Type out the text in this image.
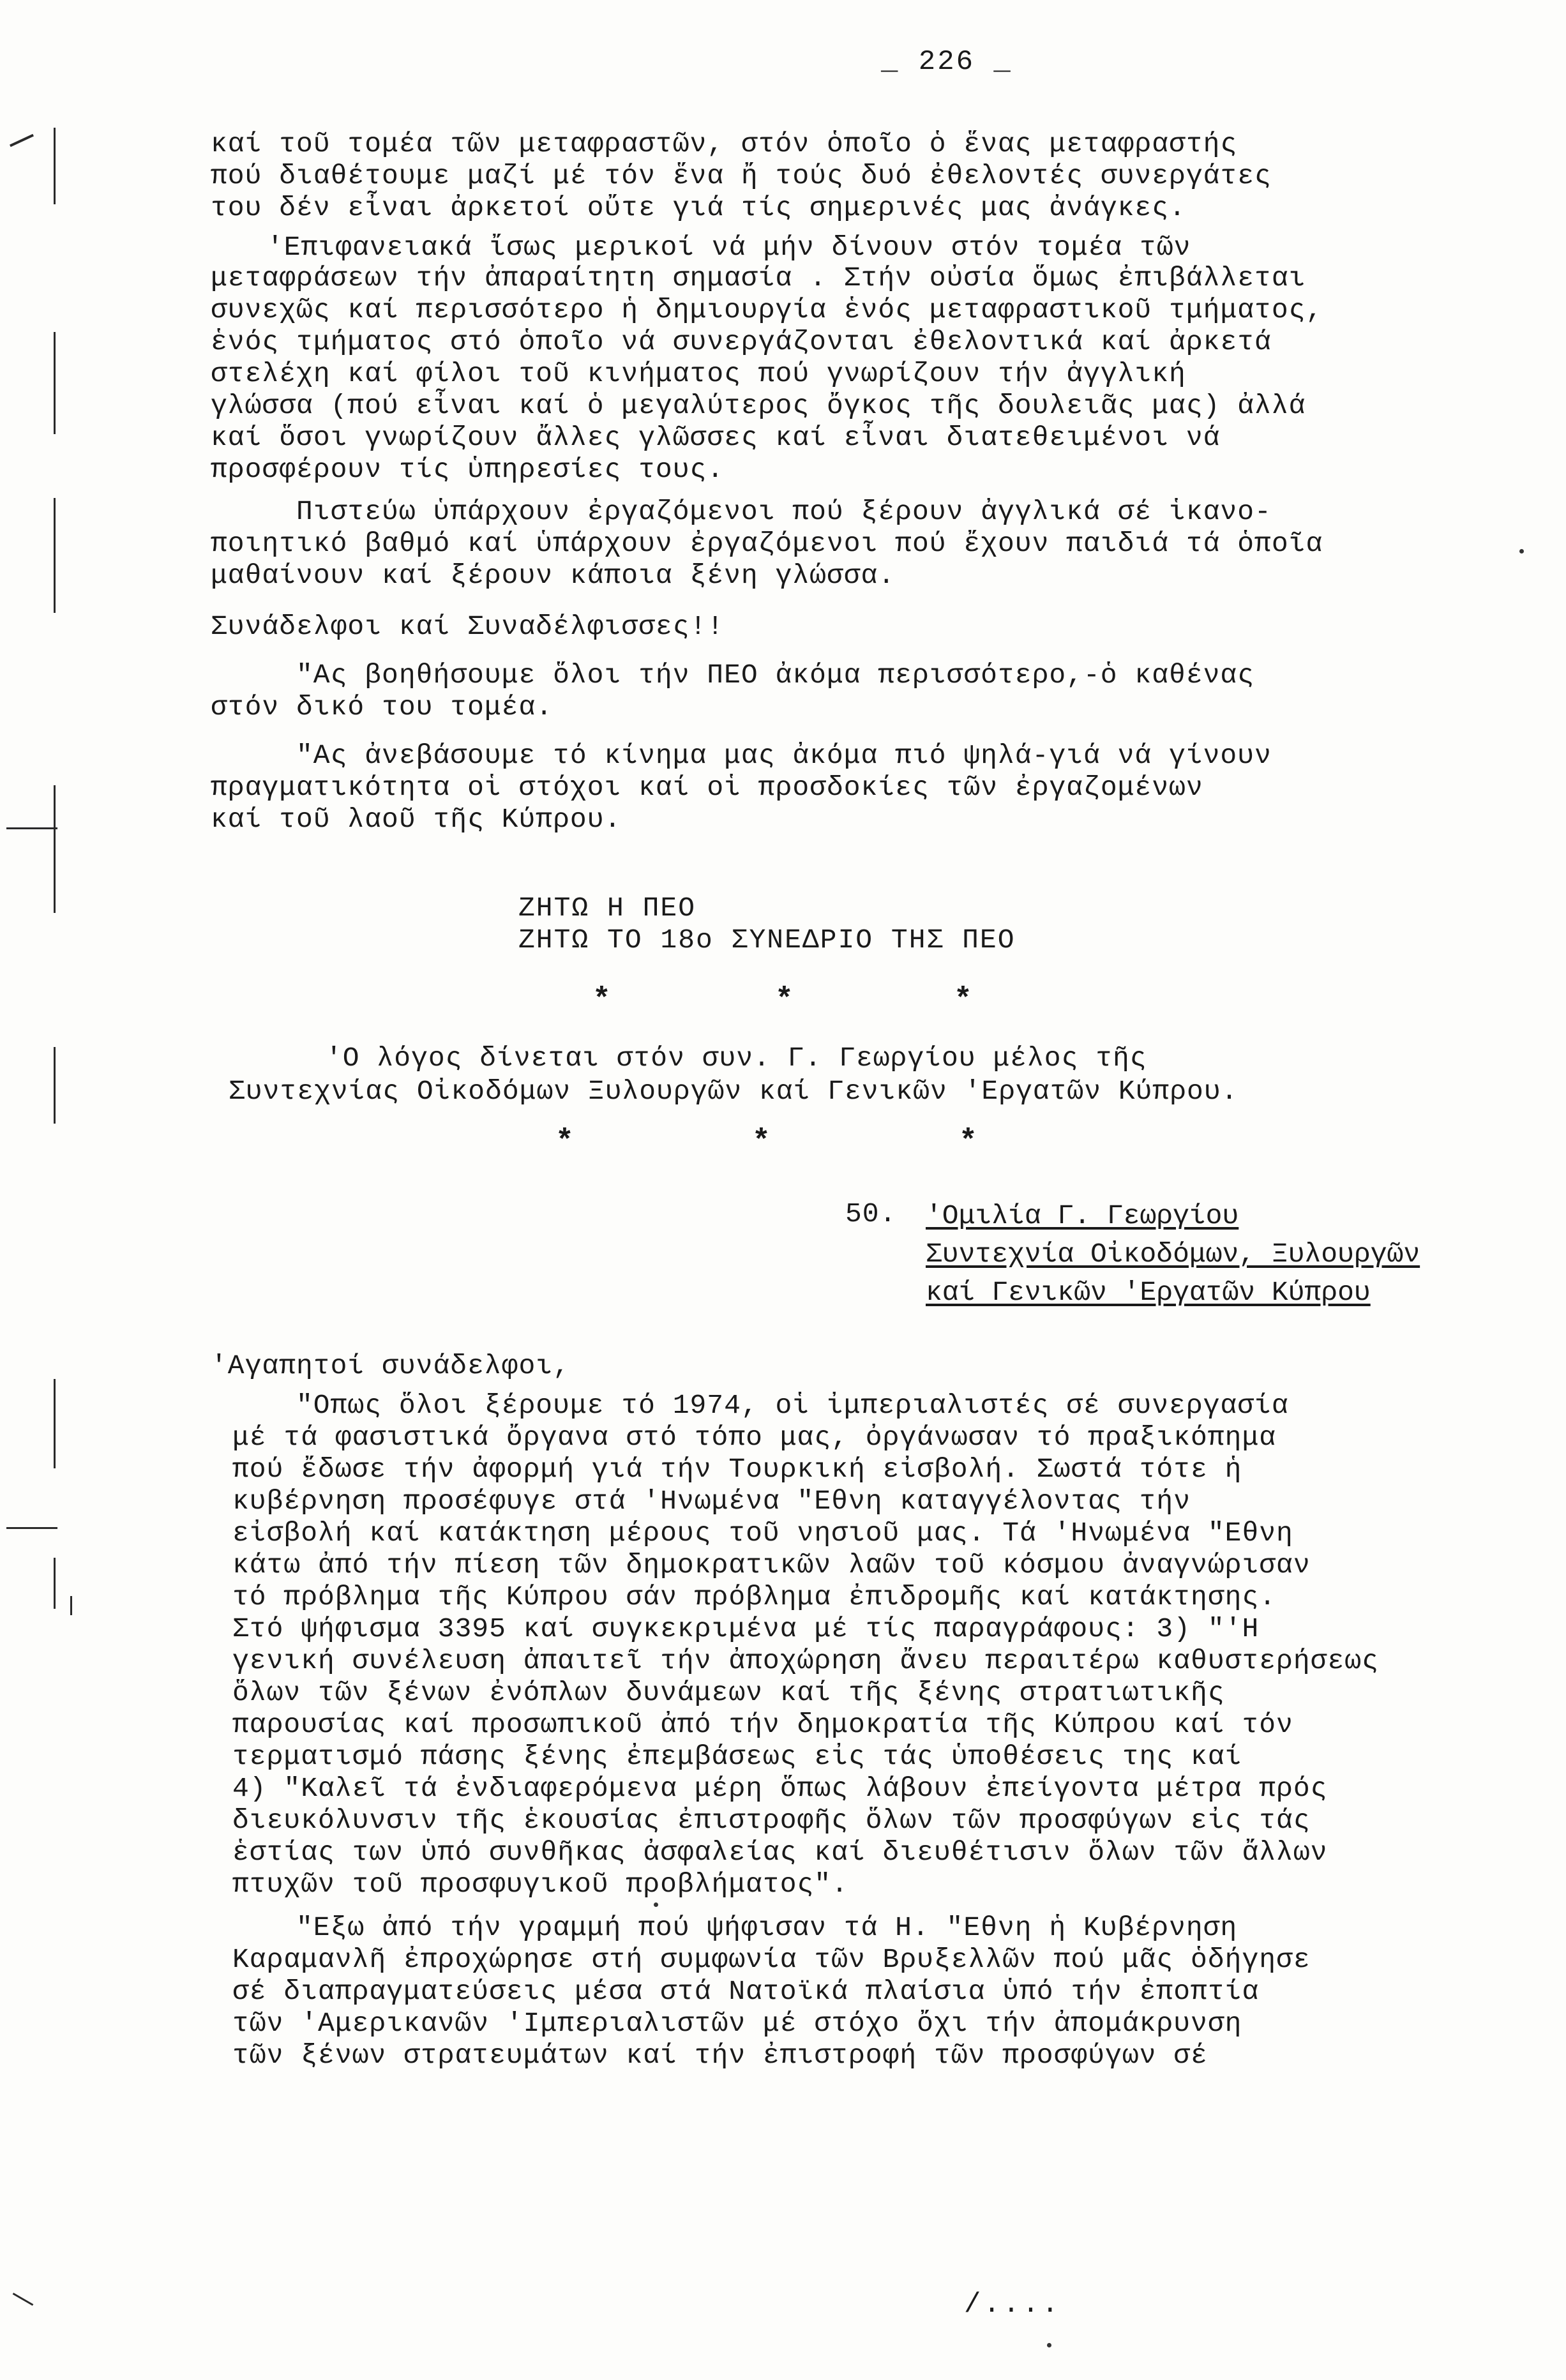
_ 226 _
καί τοῦ τομέα τῶν μεταφραστῶν, στόν ὁποῖο ὁ ἕνας μεταφραστής
πού διαθέτουμε μαζί μέ τόν ἕνα ἤ τούς δυό ἐθελοντές συνεργάτες
του δέν εἶναι ἀρκετοί οὔτε γιά τίς σημερινές μας ἀνάγκες.
'Επιφανειακά ἴσως μερικοί νά μήν δίνουν στόν τομέα τῶν
μεταφράσεων τήν ἀπαραίτητη σημασία . Στήν οὐσία ὅμως ἐπιβάλλεται
συνεχῶς καί περισσότερο ἡ δημιουργία ἑνός μεταφραστικοῦ τμήματος,
ἑνός τμήματος στό ὁποῖο νά συνεργάζονται ἐθελοντικά καί ἀρκετά
στελέχη καί φίλοι τοῦ κινήματος πού γνωρίζουν τήν ἀγγλική
γλώσσα (πού εἶναι καί ὁ μεγαλύτερος ὄγκος τῆς δουλειᾶς μας) ἀλλά
καί ὅσοι γνωρίζουν ἄλλες γλῶσσες καί εἶναι διατεθειμένοι νά
προσφέρουν τίς ὑπηρεσίες τους.
Πιστεύω ὑπάρχουν ἐργαζόμενοι πού ξέρουν ἀγγλικά σέ ἱκανο-
ποιητικό βαθμό καί ὑπάρχουν ἐργαζόμενοι πού ἔχουν παιδιά τά ὁποῖα
μαθαίνουν καί ξέρουν κάποια ξένη γλώσσα.
Συνάδελφοι καί Συναδέλφισσες!!
"Ας βοηθήσουμε ὅλοι τήν ΠΕΟ ἀκόμα περισσότερο,-ὁ καθένας
στόν δικό του τομέα.
"Ας ἀνεβάσουμε τό κίνημα μας ἀκόμα πιό ψηλά-γιά νά γίνουν
πραγματικότητα οἱ στόχοι καί οἱ προσδοκίες τῶν ἐργαζομένων
καί τοῦ λαοῦ τῆς Κύπρου.
ΖΗΤΩ Η ΠΕΟ
ΖΗΤΩ ΤΟ 18ο ΣΥΝΕΔΡΙΟ ΤΗΣ ΠΕΟ
*	*	*
'Ο λόγος δίνεται στόν συν. Γ. Γεωργίου μέλος τῆς
Συντεχνίας Οἰκοδόμων Ξυλουργῶν καί Γενικῶν 'Εργατῶν Κύπρου.
*	*	*
50. 'Ομιλία Γ. Γεωργίου
Συντεχνία Οἰκοδόμων, Ξυλουργῶν
καί Γενικῶν 'Εργατῶν Κύπρου
'Αγαπητοί συνάδελφοι,
"Οπως ὅλοι ξέρουμε τό 1974, οἱ ἰμπεριαλιστές σέ συνεργασία
μέ τά φασιστικά ὄργανα στό τόπο μας, ὀργάνωσαν τό πραξικόπημα
πού ἔδωσε τήν ἀφορμή γιά τήν Τουρκική εἰσβολή. Σωστά τότε ἡ
κυβέρνηση προσέφυγε στά 'Ηνωμένα "Εθνη καταγγέλοντας τήν
εἰσβολή καί κατάκτηση μέρους τοῦ νησιοῦ μας. Τά 'Ηνωμένα "Εθνη
κάτω ἀπό τήν πίεση τῶν δημοκρατικῶν λαῶν τοῦ κόσμου ἀναγνώρισαν
τό πρόβλημα τῆς Κύπρου σάν πρόβλημα ἐπιδρομῆς καί κατάκτησης.
Στό ψήφισμα 3395 καί συγκεκριμένα μέ τίς παραγράφους: 3) "'Η
γενική συνέλευση ἀπαιτεῖ τήν ἀποχώρηση ἄνευ περαιτέρω καθυστερήσεως
ὅλων τῶν ξένων ἐνόπλων δυνάμεων καί τῆς ξένης στρατιωτικῆς
παρουσίας καί προσωπικοῦ ἀπό τήν δημοκρατία τῆς Κύπρου καί τόν
τερματισμό πάσης ξένης ἐπεμβάσεως εἰς τάς ὑποθέσεις της καί
4) "Καλεῖ τά ἐνδιαφερόμενα μέρη ὅπως λάβουν ἐπείγοντα μέτρα πρός
διευκόλυνσιν τῆς ἑκουσίας ἐπιστροφῆς ὅλων τῶν προσφύγων εἰς τάς
ἑστίας των ὑπό συνθῆκας ἀσφαλείας καί διευθέτισιν ὅλων τῶν ἄλλων
πτυχῶν τοῦ προσφυγικοῦ προβλήματος".
"Εξω ἀπό τήν γραμμή πού ψήφισαν τά Η. "Εθνη ἡ Κυβέρνηση
Καραμανλῆ ἐπροχώρησε στή συμφωνία τῶν Βρυξελλῶν πού μᾶς ὁδήγησε
σέ διαπραγματεύσεις μέσα στά Νατοϊκά πλαίσια ὑπό τήν ἐποπτία
τῶν 'Αμερικανῶν 'Ιμπεριαλιστῶν μέ στόχο ὄχι τήν ἀπομάκρυνση
τῶν ξένων στρατευμάτων καί τήν ἐπιστροφή τῶν προσφύγων σέ
/....
